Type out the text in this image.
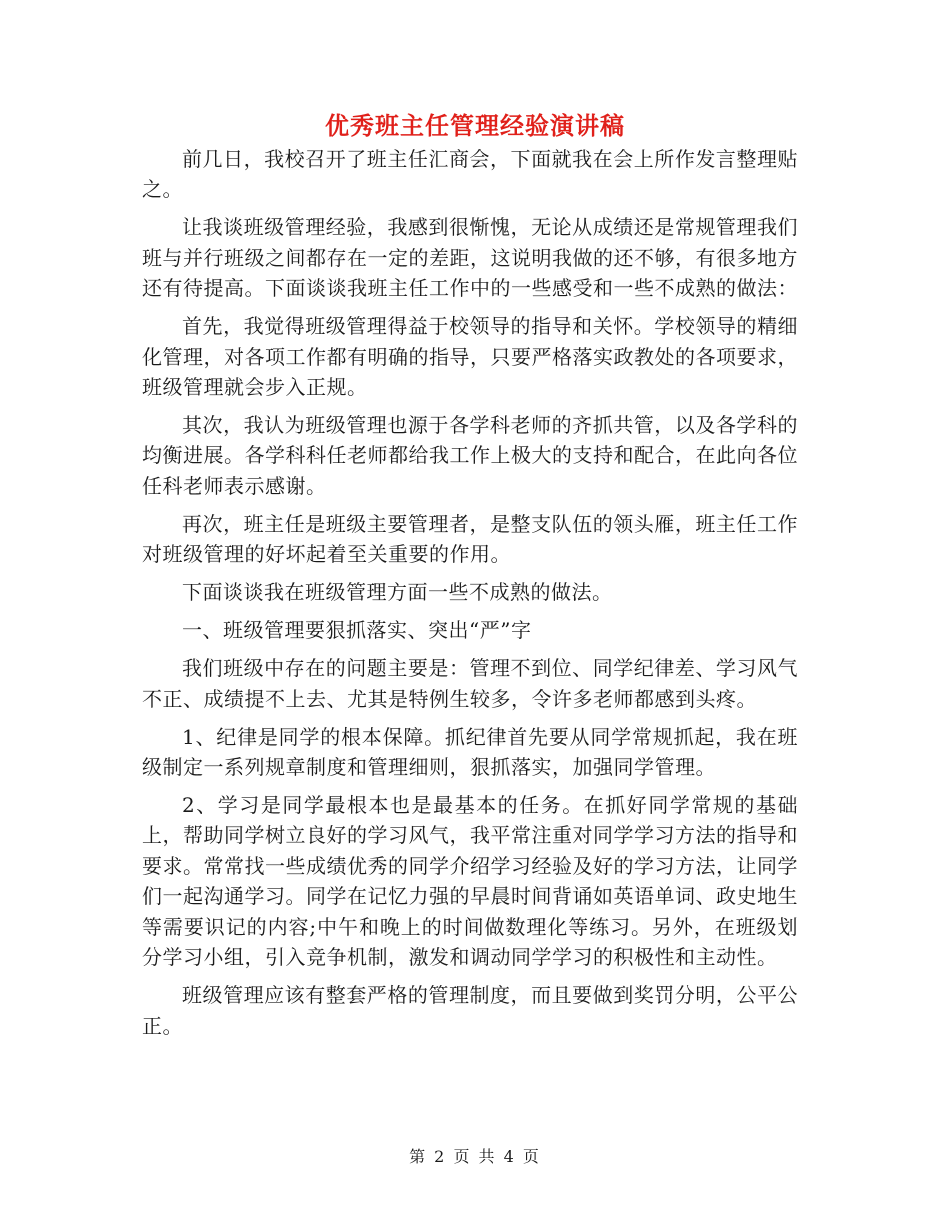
优秀班主任管理经验演讲稿

前几日，我校召开了班主任汇商会，下面就我在会上所作发言整理贴之。

让我谈班级管理经验，我感到很惭愧，无论从成绩还是常规管理我们班与并行班级之间都存在一定的差距，这说明我做的还不够，有很多地方还有待提高。下面谈谈我班主任工作中的一些感受和一些不成熟的做法：

首先，我觉得班级管理得益于校领导的指导和关怀。学校领导的精细化管理，对各项工作都有明确的指导，只要严格落实政教处的各项要求，班级管理就会步入正规。

其次，我认为班级管理也源于各学科老师的齐抓共管，以及各学科的均衡进展。各学科科任老师都给我工作上极大的支持和配合，在此向各位任科老师表示感谢。

再次，班主任是班级主要管理者，是整支队伍的领头雁，班主任工作对班级管理的好坏起着至关重要的作用。

下面谈谈我在班级管理方面一些不成熟的做法。

一、班级管理要狠抓落实、突出“严”字

我们班级中存在的问题主要是：管理不到位、同学纪律差、学习风气不正、成绩提不上去、尤其是特例生较多，令许多老师都感到头疼。

1、纪律是同学的根本保障。抓纪律首先要从同学常规抓起，我在班级制定一系列规章制度和管理细则，狠抓落实，加强同学管理。

2、学习是同学最根本也是最基本的任务。在抓好同学常规的基础上，帮助同学树立良好的学习风气，我平常注重对同学学习方法的指导和要求。常常找一些成绩优秀的同学介绍学习经验及好的学习方法，让同学们一起沟通学习。同学在记忆力强的早晨时间背诵如英语单词、政史地生等需要识记的内容;中午和晚上的时间做数理化等练习。另外，在班级划分学习小组，引入竞争机制，激发和调动同学学习的积极性和主动性。

班级管理应该有整套严格的管理制度，而且要做到奖罚分明，公平公正。

第 2 页 共 4 页
